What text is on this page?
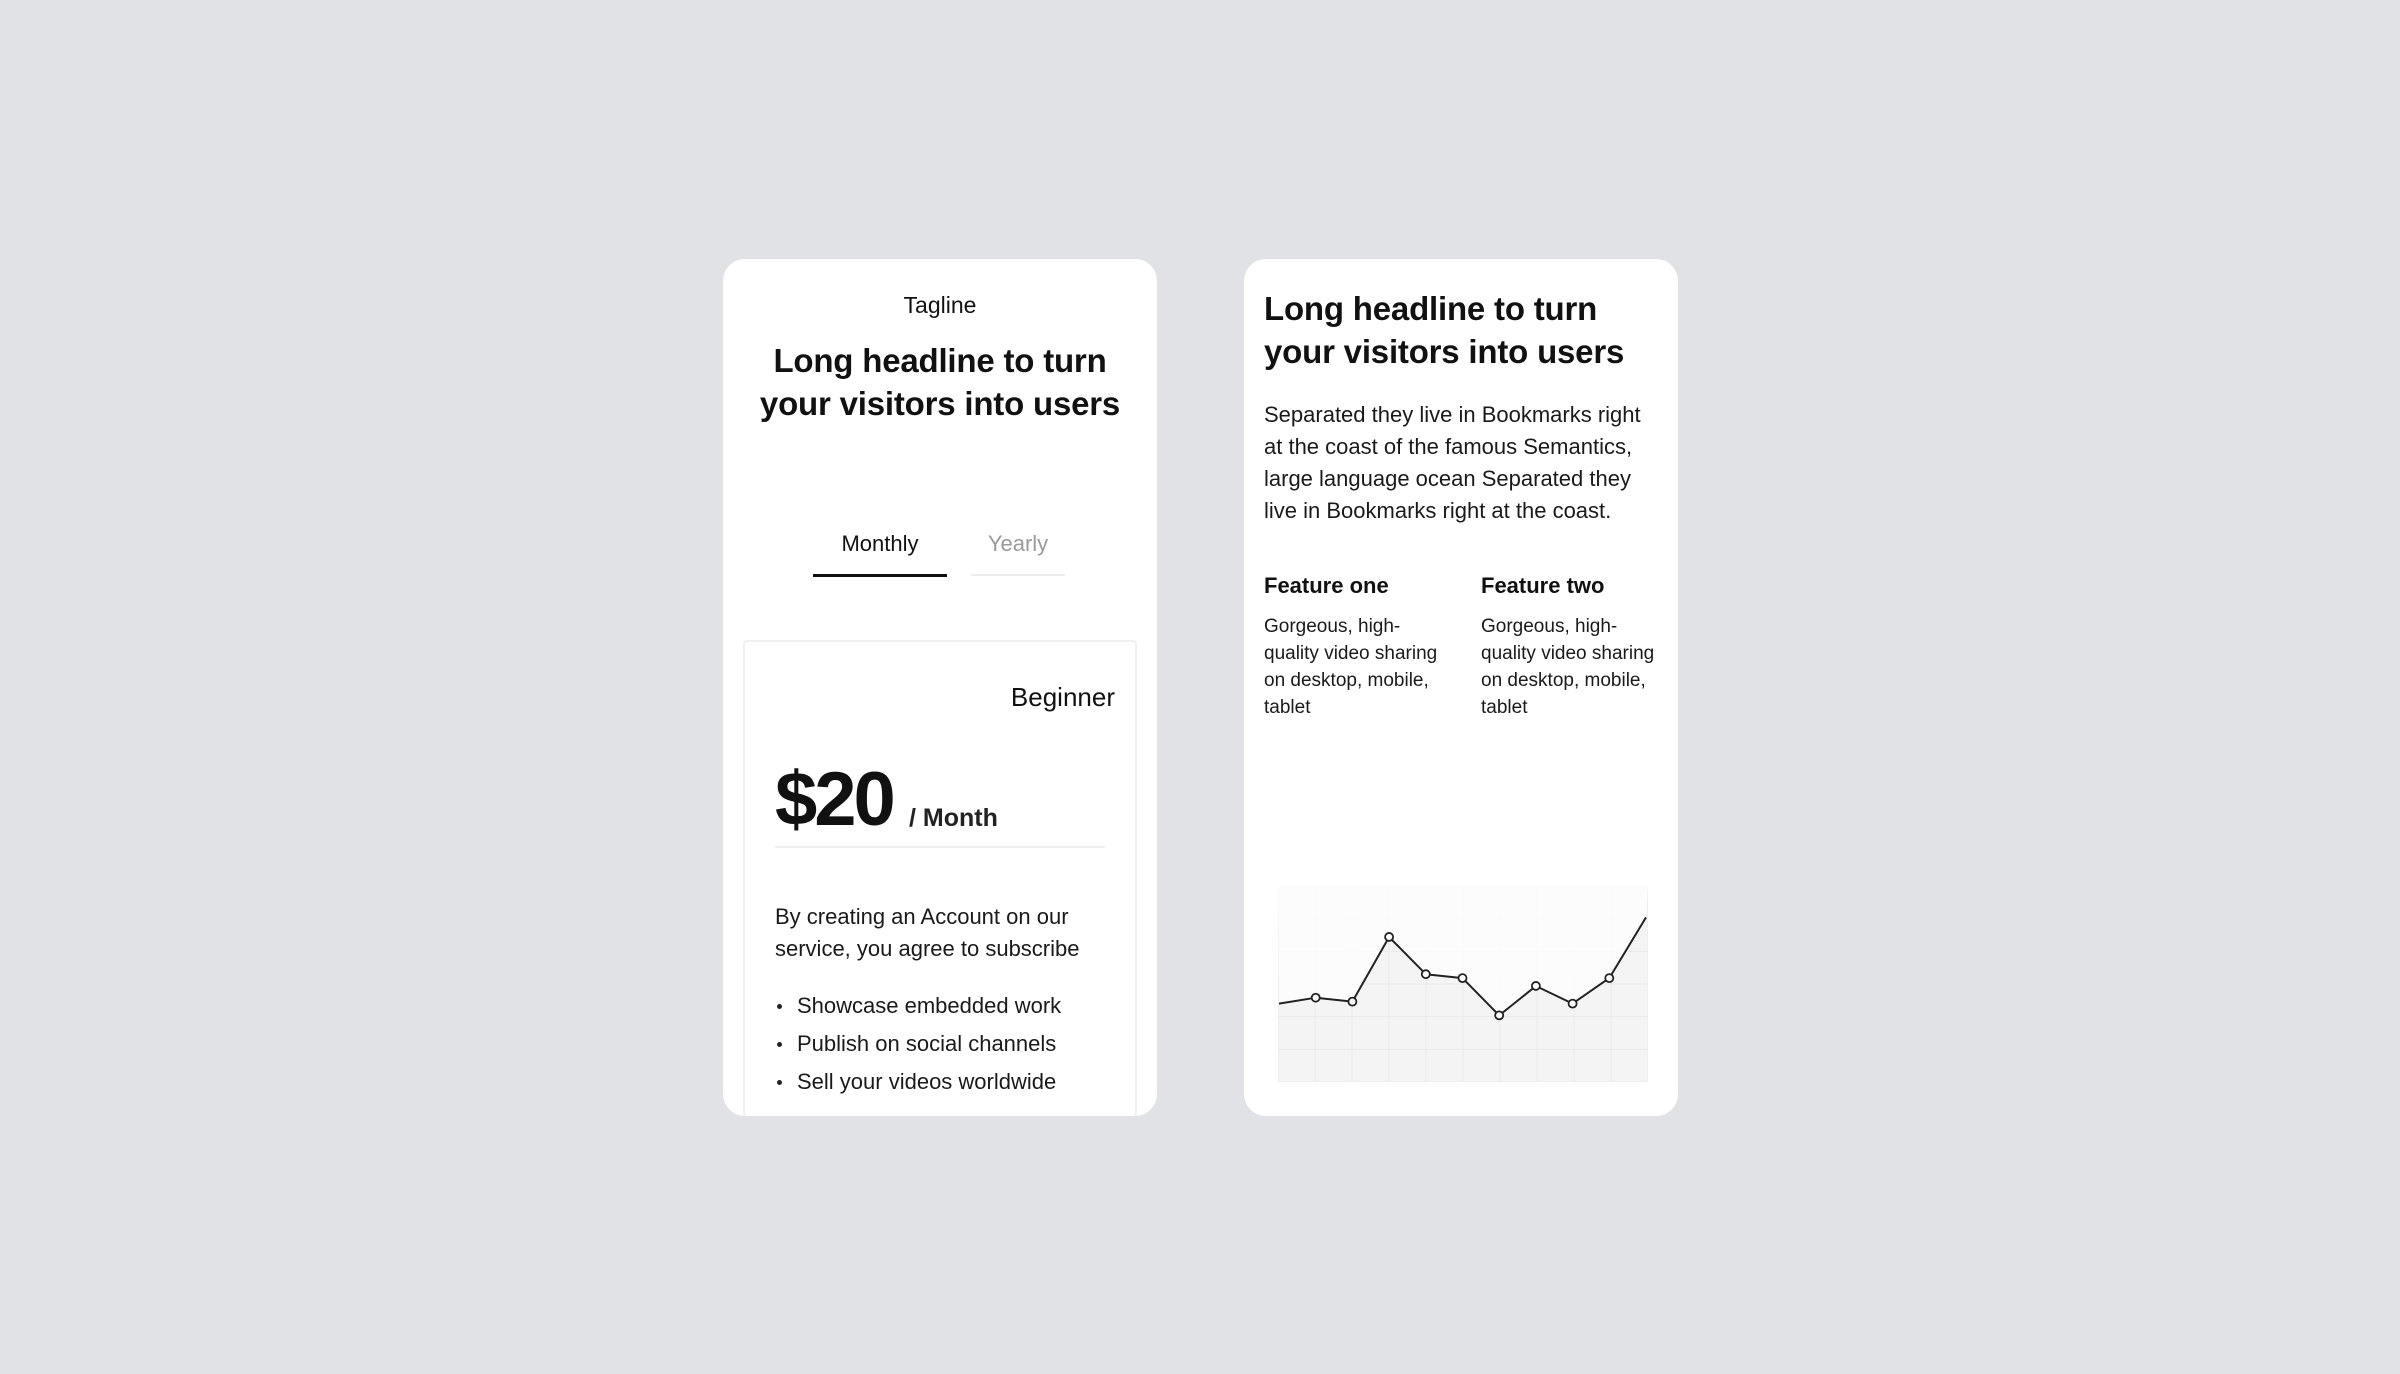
Tagline
Long headline to turn your visitors into users
Monthly	Yearly
Beginner
$20 / Month
By creating an Account on our service, you agree to subscribe
Showcase embedded work
Publish on social channels
Sell your videos worldwide
Long headline to turn your visitors into users
Separated they live in Bookmarks right at the coast of the famous Semantics, large language ocean Separated they live in Bookmarks right at the coast.
Feature one
Gorgeous, high-quality video sharing on desktop, mobile, tablet
Feature two
Gorgeous, high-quality video sharing on desktop, mobile, tablet
